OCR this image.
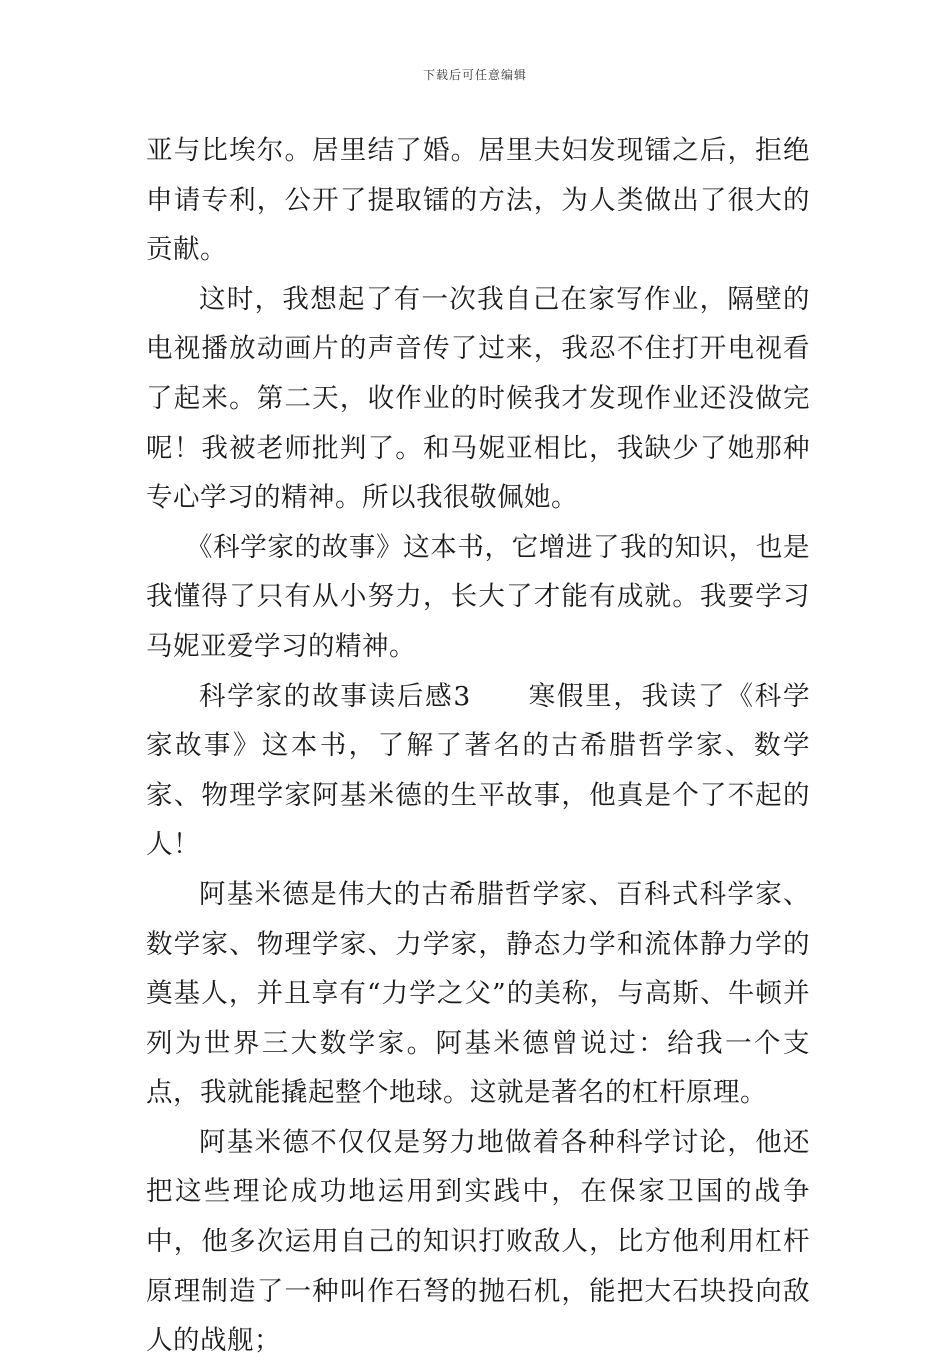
下载后可任意编辑

亚与比埃尔。居里结了婚。居里夫妇发现镭之后，拒绝申请专利，公开了提取镭的方法，为人类做出了很大的贡献。

这时，我想起了有一次我自己在家写作业，隔壁的电视播放动画片的声音传了过来，我忍不住打开电视看了起来。第二天，收作业的时候我才发现作业还没做完呢！我被老师批判了。和马妮亚相比，我缺少了她那种专心学习的精神。所以我很敬佩她。

《科学家的故事》这本书，它增进了我的知识，也是我懂得了只有从小努力，长大了才能有成就。我要学习马妮亚爱学习的精神。

科学家的故事读后感3　　寒假里，我读了《科学家故事》这本书，了解了著名的古希腊哲学家、数学家、物理学家阿基米德的生平故事，他真是个了不起的人！

阿基米德是伟大的古希腊哲学家、百科式科学家、数学家、物理学家、力学家，静态力学和流体静力学的奠基人，并且享有“力学之父”的美称，与高斯、牛顿并列为世界三大数学家。阿基米德曾说过：给我一个支点，我就能撬起整个地球。这就是著名的杠杆原理。

阿基米德不仅仅是努力地做着各种科学讨论，他还把这些理论成功地运用到实践中，在保家卫国的战争中，他多次运用自己的知识打败敌人，比方他利用杠杆原理制造了一种叫作石弩的抛石机，能把大石块投向敌人的战舰；
